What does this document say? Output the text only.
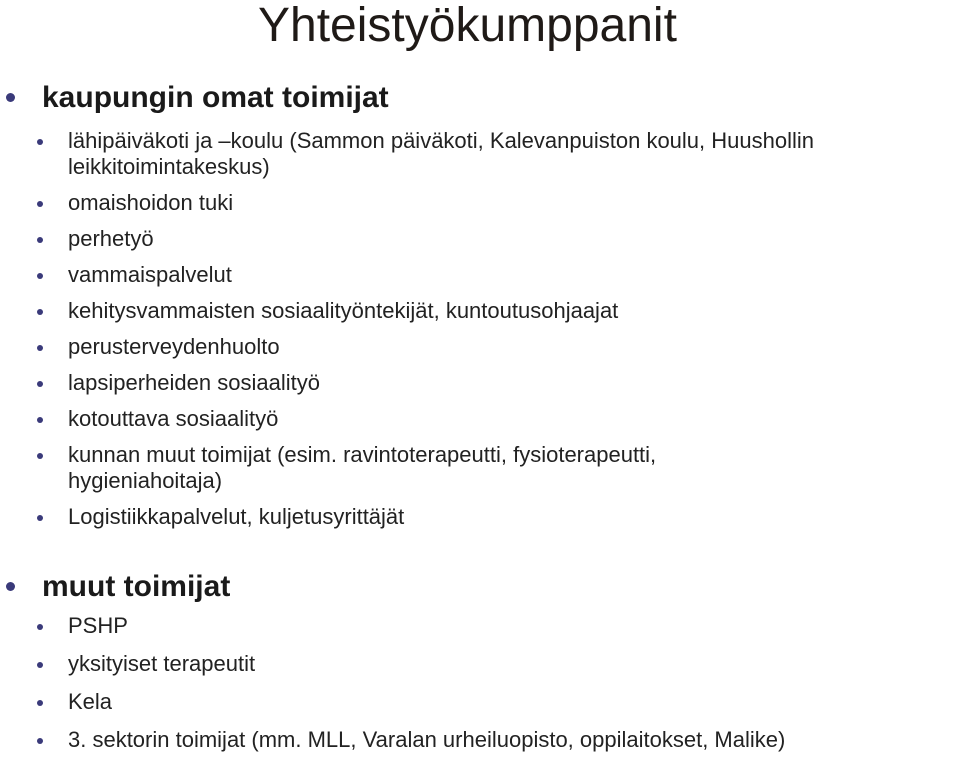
Yhteistyökumppanit
kaupungin omat toimijat
lähipäiväkoti ja –koulu (Sammon päiväkoti, Kalevanpuiston koulu, Huushollin
leikkitoimintakeskus)
omaishoidon tuki
perhetyö
vammaispalvelut
kehitysvammaisten sosiaalityöntekijät, kuntoutusohjaajat
perusterveydenhuolto
lapsiperheiden sosiaalityö
kotouttava sosiaalityö
kunnan muut toimijat (esim. ravintoterapeutti, fysioterapeutti,
hygieniahoitaja)
Logistiikkapalvelut, kuljetusyrittäjät
muut toimijat
PSHP
yksityiset terapeutit
Kela
3. sektorin toimijat (mm. MLL, Varalan urheiluopisto, oppilaitokset, Malike)
